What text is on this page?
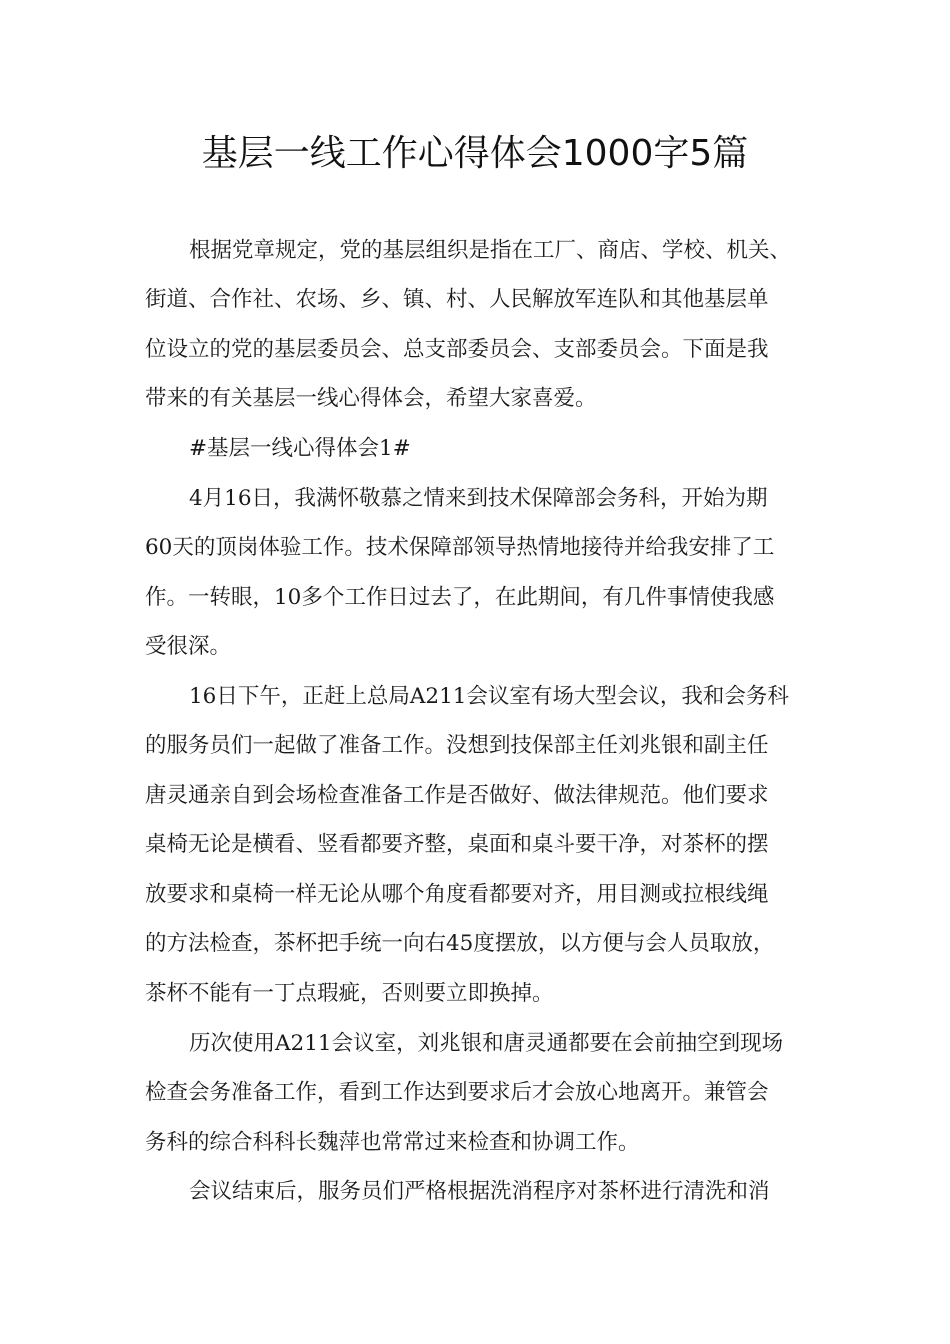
基层一线工作心得体会1000字5篇
根据党章规定，党的基层组织是指在工厂、商店、学校、机关、
街道、合作社、农场、乡、镇、村、人民解放军连队和其他基层单
位设立的党的基层委员会、总支部委员会、支部委员会。下面是我
带来的有关基层一线心得体会，希望大家喜爱。
#基层一线心得体会1#
4月16日，我满怀敬慕之情来到技术保障部会务科，开始为期
60天的顶岗体验工作。技术保障部领导热情地接待并给我安排了工
作。一转眼，10多个工作日过去了，在此期间，有几件事情使我感
受很深。
16日下午，正赶上总局A211会议室有场大型会议，我和会务科
的服务员们一起做了准备工作。没想到技保部主任刘兆银和副主任
唐灵通亲自到会场检查准备工作是否做好、做法律规范。他们要求
桌椅无论是横看、竖看都要齐整，桌面和桌斗要干净，对茶杯的摆
放要求和桌椅一样无论从哪个角度看都要对齐，用目测或拉根线绳
的方法检查，茶杯把手统一向右45度摆放，以方便与会人员取放，
茶杯不能有一丁点瑕疵，否则要立即换掉。
历次使用A211会议室，刘兆银和唐灵通都要在会前抽空到现场
检查会务准备工作，看到工作达到要求后才会放心地离开。兼管会
务科的综合科科长魏萍也常常过来检查和协调工作。
会议结束后，服务员们严格根据洗消程序对茶杯进行清洗和消
